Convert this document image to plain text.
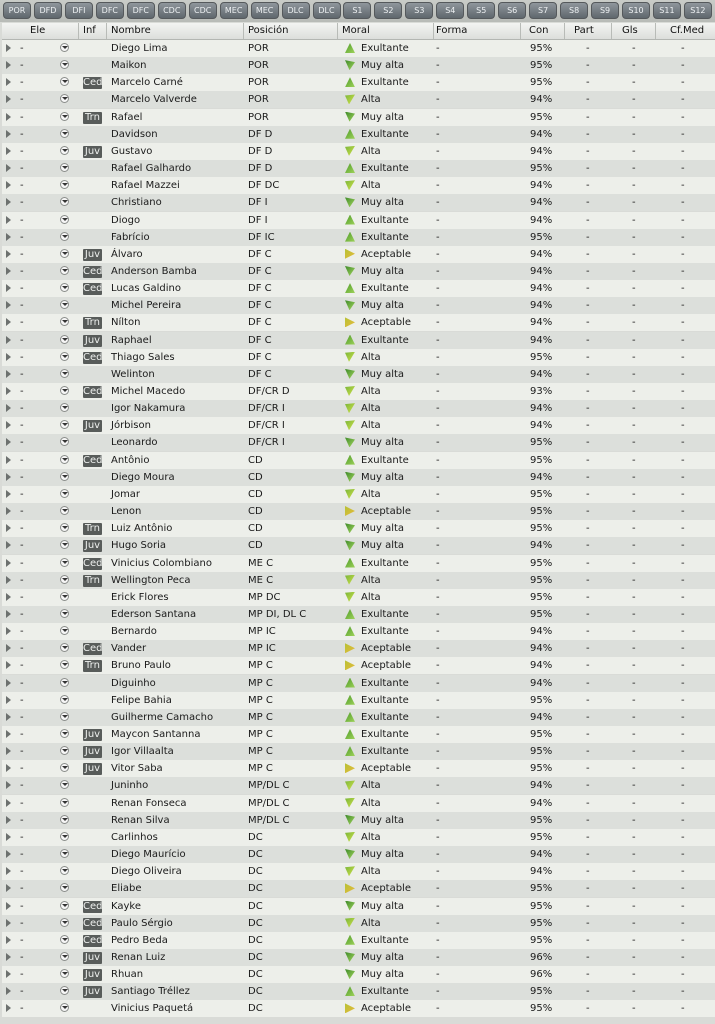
POR	DFD	DFI	DFC	DFC	CDC	CDC	MEC	MEC	DLC	DLC	S1	S2	S3	S4	S5	S6	S7	S8	S9	S10	S11	S12
Ele	Inf Nombre	Posición	Moral	Forma	Con	Part	Gls	Cf.Med
-	Diego Lima	POR	Exultante	-	95%	-	-	-
-	Maikon	POR	Muy alta	-	95%	-	-	-
-	Ced Marcelo Carné	POR	Exultante	-	95%	-	-	-
-	Marcelo Valverde	POR	Alta	-	94%	-	-	-
-	Trn Rafael	POR	Muy alta	-	95%	-	-	-
-	Davidson	DF D	Exultante	-	94%	-	-	-
-	Juv Gustavo	DF D	Alta	-	94%	-	-	-
-	Rafael Galhardo	DF D	Exultante	-	95%	-	-	-
-	Rafael Mazzei	DF DC	Alta	-	94%	-	-	-
-	Christiano	DF I	Muy alta	-	94%	-	-	-
-	Diogo	DF I	Exultante	-	94%	-	-	-
-	Fabrício	DF IC	Exultante	-	95%	-	-	-
-	Juv Álvaro	DF C	Aceptable	-	94%	-	-	-
-	Ced Anderson Bamba	DF C	Muy alta	-	94%	-	-	-
-	Ced Lucas Galdino	DF C	Exultante	-	94%	-	-	-
-	Michel Pereira	DF C	Muy alta	-	94%	-	-	-
-	Trn Nílton	DF C	Aceptable	-	94%	-	-	-
-	Juv Raphael	DF C	Exultante	-	94%	-	-	-
-	Ced Thiago Sales	DF C	Alta	-	95%	-	-	-
-	Welinton	DF C	Muy alta	-	94%	-	-	-
-	Ced Michel Macedo	DF/CR D	Alta	-	93%	-	-	-
-	Igor Nakamura	DF/CR I	Alta	-	94%	-	-	-
-	Juv Jórbison	DF/CR I	Alta	-	94%	-	-	-
-	Leonardo	DF/CR I	Muy alta	-	95%	-	-	-
-	Ced Antônio	CD	Exultante	-	95%	-	-	-
-	Diego Moura	CD	Muy alta	-	94%	-	-	-
-	Jomar	CD	Alta	-	95%	-	-	-
-	Lenon	CD	Aceptable	-	95%	-	-	-
-	Trn Luiz Antônio	CD	Muy alta	-	95%	-	-	-
-	Juv Hugo Soria	CD	Muy alta	-	94%	-	-	-
-	Ced Vinicius Colombiano	ME C	Exultante	-	95%	-	-	-
-	Trn Wellington Peca	ME C	Alta	-	95%	-	-	-
-	Erick Flores	MP DC	Alta	-	95%	-	-	-
-	Ederson Santana	MP DI, DL C	Exultante	-	95%	-	-	-
-	Bernardo	MP IC	Exultante	-	94%	-	-	-
-	Ced Vander	MP IC	Aceptable	-	94%	-	-	-
-	Trn Bruno Paulo	MP C	Aceptable	-	94%	-	-	-
-	Diguinho	MP C	Exultante	-	94%	-	-	-
-	Felipe Bahia	MP C	Exultante	-	95%	-	-	-
-	Guilherme Camacho	MP C	Exultante	-	94%	-	-	-
-	Juv Maycon Santanna	MP C	Exultante	-	95%	-	-	-
-	Juv Igor Villaalta	MP C	Exultante	-	95%	-	-	-
-	Juv Vitor Saba	MP C	Aceptable	-	95%	-	-	-
-	Juninho	MP/DL C	Alta	-	94%	-	-	-
-	Renan Fonseca	MP/DL C	Alta	-	94%	-	-	-
-	Renan Silva	MP/DL C	Muy alta	-	95%	-	-	-
-	Carlinhos	DC	Alta	-	95%	-	-	-
-	Diego Maurício	DC	Muy alta	-	94%	-	-	-
-	Diego Oliveira	DC	Alta	-	94%	-	-	-
-	Eliabe	DC	Aceptable	-	95%	-	-	-
-	Ced Kayke	DC	Muy alta	-	95%	-	-	-
-	Ced Paulo Sérgio	DC	Alta	-	95%	-	-	-
-	Ced Pedro Beda	DC	Exultante	-	95%	-	-	-
-	Juv Renan Luiz	DC	Muy alta	-	96%	-	-	-
-	Juv Rhuan	DC	Muy alta	-	96%	-	-	-
-	Juv Santiago Tréllez	DC	Exultante	-	95%	-	-	-
-	Vinicius Paquetá	DC	Aceptable	-	95%	-	-	-
